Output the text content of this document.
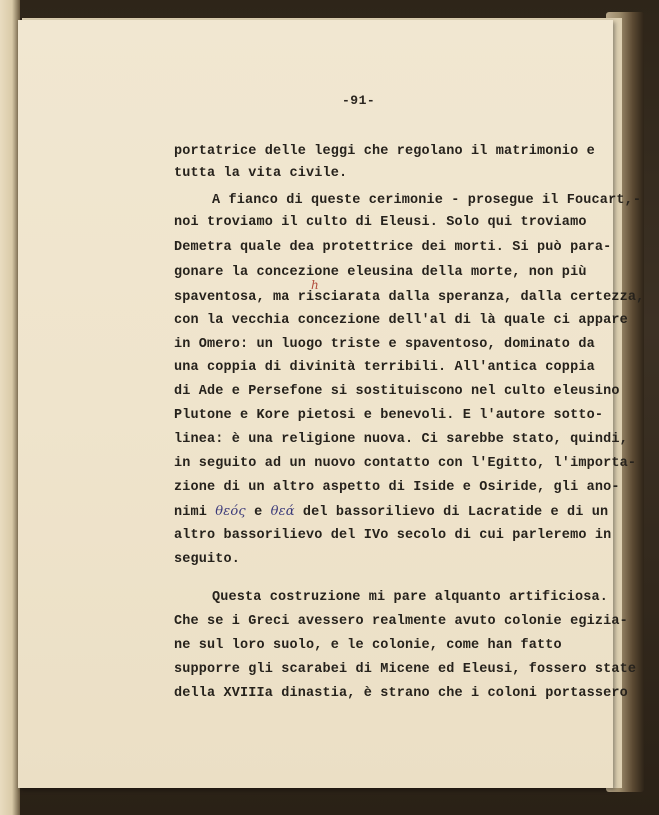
-91-
portatrice delle leggi che regolano il matrimonio e
tutta la vita civile.
A fianco di queste cerimonie - prosegue il Foucart,-
noi troviamo il culto di Eleusi. Solo qui troviamo
Demetra quale dea protettrice dei morti. Si può para-
gonare la concezione eleusina della morte, non più
spaventosa, ma risciarata dalla speranza, dalla certezza,
con la vecchia concezione dell'al di là quale ci appare
in Omero: un luogo triste e spaventoso, dominato da
una coppia di divinità terribili. All'antica coppia
di Ade e Persefone si sostituiscono nel culto eleusino
Plutone e Kore pietosi e benevoli. E l'autore sotto-
linea: è una religione nuova. Ci sarebbe stato, quindi,
in seguito ad un nuovo contatto con l'Egitto, l'importa-
zione di un altro aspetto di Iside e Osiride, gli ano-
nimi θεός e θεά del bassorilievo di Lacratide e di un
altro bassorilievo del IVo secolo di cui parleremo in
seguito.
Questa costruzione mi pare alquanto artificiosa.
Che se i Greci avessero realmente avuto colonie egizia-
ne sul loro suolo, e le colonie, come han fatto
supporre gli scarabei di Micene ed Eleusi, fossero state
della XVIIIa dinastia, è strano che i coloni portassero
h
